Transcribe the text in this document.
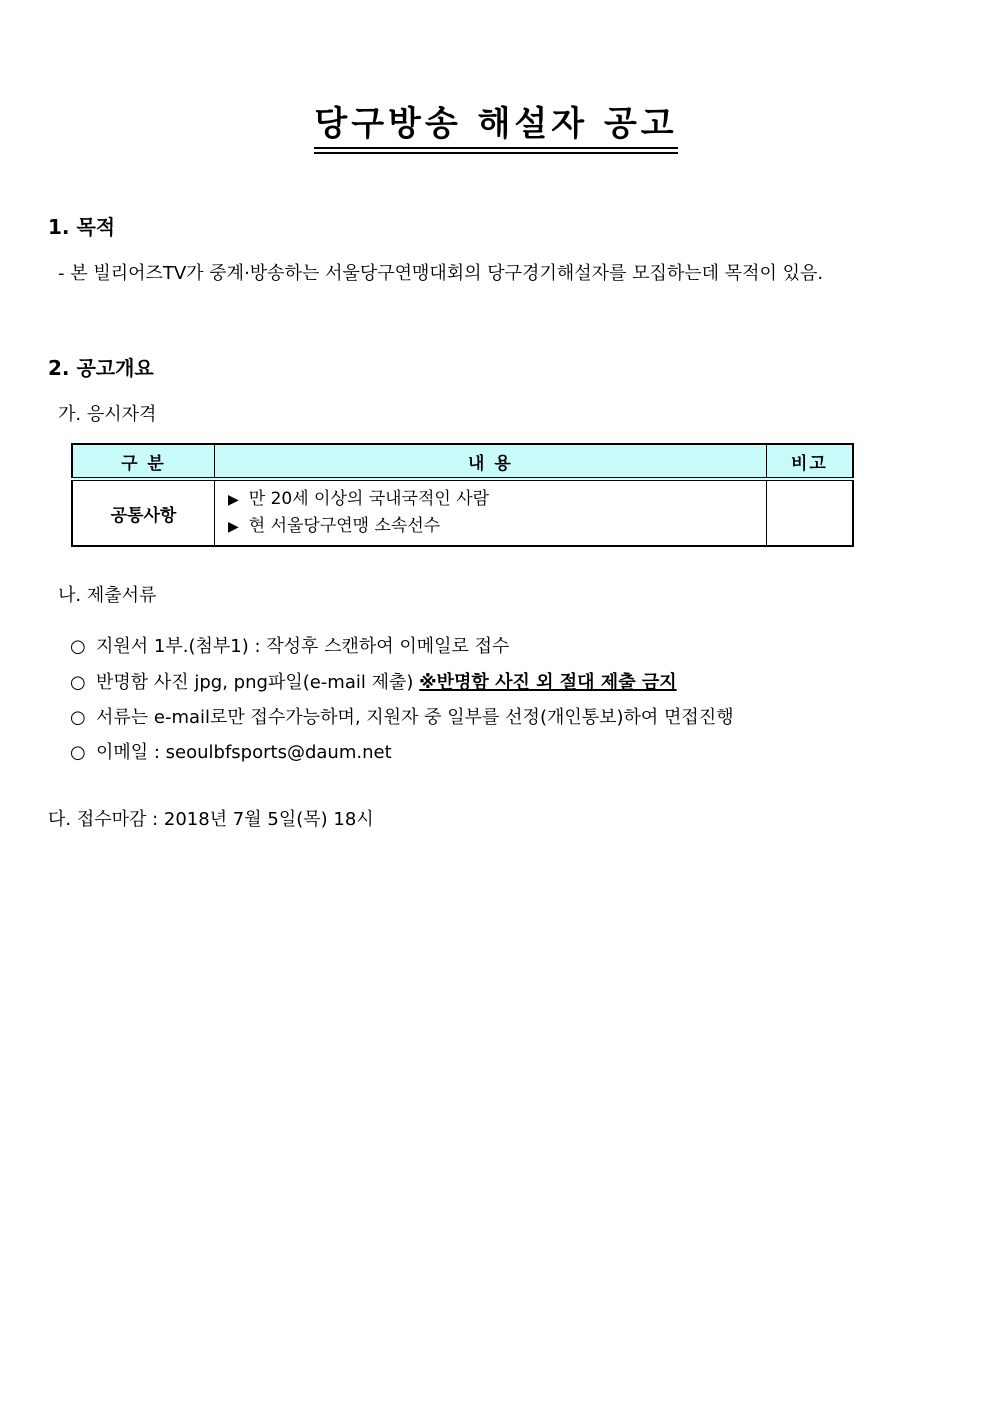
당구방송 해설자 공고
1. 목적
- 본 빌리어즈TV가 중계·방송하는 서울당구연맹대회의 당구경기해설자를 모집하는데 목적이 있음.
2. 공고개요
가. 응시자격
구 분	내 용	비고
공통사항	▶ 만 20세 이상의 국내국적인 사람
▶ 현 서울당구연맹 소속선수	

나. 제출서류
○ 지원서 1부.(첨부1) : 작성후 스캔하여 이메일로 접수
○ 반명함 사진 jpg, png파일(e-mail 제출) ※반명함 사진 외 절대 제출 금지
○ 서류는 e-mail로만 접수가능하며, 지원자 중 일부를 선정(개인통보)하여 면접진행
○ 이메일 : seoulbfsports@daum.net
다. 접수마감 : 2018년 7월 5일(목) 18시
